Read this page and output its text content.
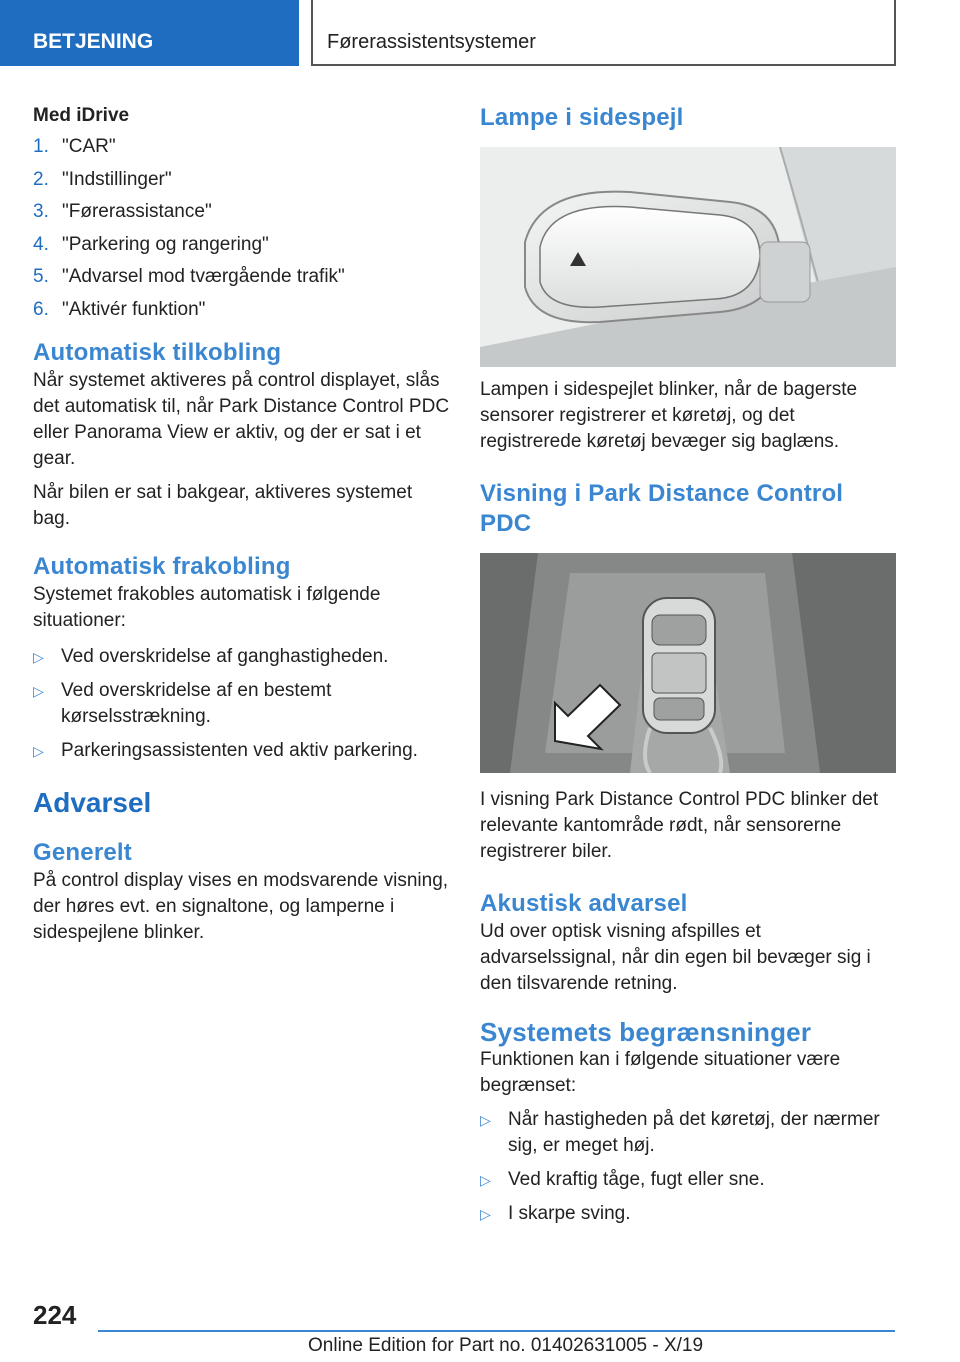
BETJENING	Førerassistentsystemer

Med iDrive

1. "CAR"
2. "Indstillinger"
3. "Førerassistance"
4. "Parkering og rangering"
5. "Advarsel mod tværgående trafik"
6. "Aktivér funktion"
Automatisk tilkobling

Når systemet aktiveres på control displayet, slås det automatisk til, når Park Distance Control PDC eller Panorama View er aktiv, og der er sat i et gear.

Når bilen er sat i bakgear, aktiveres systemet bag.

Automatisk frakobling

Systemet frakobles automatisk i følgende situationer:

▷ Ved overskridelse af ganghastigheden.
▷ Ved overskridelse af en bestemt kørselsstrækning.
▷ Parkeringsassistenten ved aktiv parkering.
Advarsel
Generelt

På control display vises en modsvarende visning, der høres evt. en signaltone, og lamperne i sidespejlene blinker.

Lampe i sidespejl

Lampen i sidespejlet blinker, når de bagerste sensorer registrerer et køretøj, og det registrerede køretøj bevæger sig baglæns.

Visning i Park Distance Control PDC

I visning Park Distance Control PDC blinker det relevante kantområde rødt, når sensorerne registrerer biler.

Akustisk advarsel

Ud over optisk visning afspilles et advarselssignal, når din egen bil bevæger sig i den tilsvarende retning.

Systemets begrænsninger

Funktionen kan i følgende situationer være begrænset:

▷ Når hastigheden på det køretøj, der nærmer sig, er meget høj.
▷ Ved kraftig tåge, fugt eller sne.
▷ I skarpe sving.
224
Online Edition for Part no. 01402631005 - X/19
